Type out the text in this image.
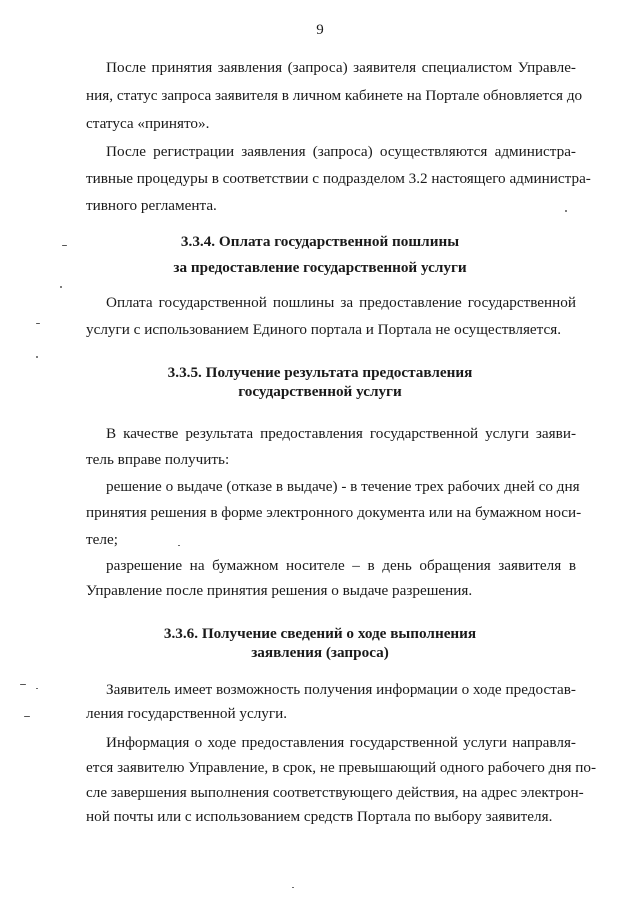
9
После принятия заявления (запроса) заявителя специалистом Управле-
ния, статус запроса заявителя в личном кабинете на Портале обновляется до
статуса «принято».
После регистрации заявления (запроса) осуществляются администра-
тивные процедуры в соответствии с подразделом 3.2 настоящего администра-
тивного регламента.
3.3.4. Оплата государственной пошлины
за предоставление государственной услуги
Оплата государственной пошлины за предоставление государственной
услуги с использованием Единого портала и Портала не осуществляется.
3.3.5. Получение результата предоставления
государственной услуги
В качестве результата предоставления государственной услуги заяви-
тель вправе получить:
решение о выдаче (отказе в выдаче) - в течение трех рабочих дней со дня
принятия решения в форме электронного документа или на бумажном носи-
теле;
разрешение на бумажном носителе – в день обращения заявителя в
Управление после принятия решения о выдаче разрешения.
3.3.6. Получение сведений о ходе выполнения
заявления (запроса)
Заявитель имеет возможность получения информации о ходе предостав-
ления государственной услуги.
Информация о ходе предоставления государственной услуги направля-
ется заявителю Управление, в срок, не превышающий одного рабочего дня по-
сле завершения выполнения соответствующего действия, на адрес электрон-
ной почты или с использованием средств Портала по выбору заявителя.
